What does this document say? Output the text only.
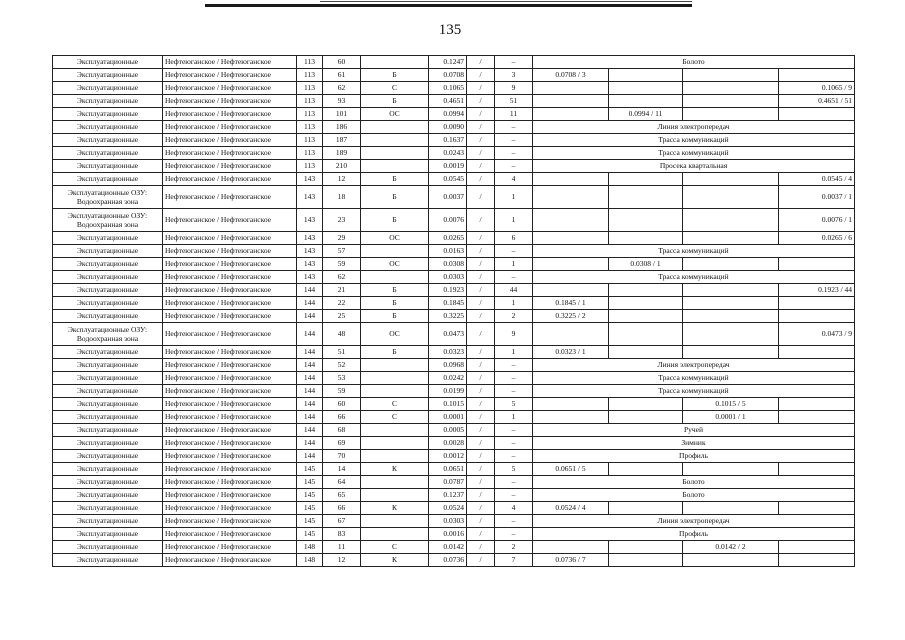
135
Эксплуатационные	Нефтеюганское / Нефтеюганское	113	60		0.1247	/	–	Болото			
Эксплуатационные	Нефтеюганское / Нефтеюганское	113	61	Б	0.0708	/	3	0.0708 / 3			
Эксплуатационные	Нефтеюганское / Нефтеюганское	113	62	С	0.1065	/	9				0.1065 / 9
Эксплуатационные	Нефтеюганское / Нефтеюганское	113	93	Б	0.4651	/	51				0.4651 / 51
Эксплуатационные	Нефтеюганское / Нефтеюганское	113	101	ОС	0.0994	/	11		0.0994 / 11		
Эксплуатационные	Нефтеюганское / Нефтеюганское	113	186		0.0090	/	–	Линия электропередач			
Эксплуатационные	Нефтеюганское / Нефтеюганское	113	187		0.1637	/	–	Трасса коммуникаций			
Эксплуатационные	Нефтеюганское / Нефтеюганское	113	189		0.0243	/	–	Трасса коммуникаций			
Эксплуатационные	Нефтеюганское / Нефтеюганское	113	210		0.0019	/	–	Просека квартальная			
Эксплуатационные	Нефтеюганское / Нефтеюганское	143	12	Б	0.0545	/	4				0.0545 / 4
Эксплуатационные ОЗУ: Водоохранная зона	Нефтеюганское / Нефтеюганское	143	18	Б	0.0037	/	1				0.0037 / 1
Эксплуатационные ОЗУ: Водоохранная зона	Нефтеюганское / Нефтеюганское	143	23	Б	0.0076	/	1				0.0076 / 1
Эксплуатационные	Нефтеюганское / Нефтеюганское	143	29	ОС	0.0265	/	6				0.0265 / 6
Эксплуатационные	Нефтеюганское / Нефтеюганское	143	57		0.0163	/	–	Трасса коммуникаций			
Эксплуатационные	Нефтеюганское / Нефтеюганское	143	59	ОС	0.0308	/	1		0.0308 / 1		
Эксплуатационные	Нефтеюганское / Нефтеюганское	143	62		0.0303	/	–	Трасса коммуникаций			
Эксплуатационные	Нефтеюганское / Нефтеюганское	144	21	Б	0.1923	/	44				0.1923 / 44
Эксплуатационные	Нефтеюганское / Нефтеюганское	144	22	Б	0.1845	/	1	0.1845 / 1			
Эксплуатационные	Нефтеюганское / Нефтеюганское	144	25	Б	0.3225	/	2	0.3225 / 2			
Эксплуатационные ОЗУ: Водоохранная зона	Нефтеюганское / Нефтеюганское	144	48	ОС	0.0473	/	9				0.0473 / 9
Эксплуатационные	Нефтеюганское / Нефтеюганское	144	51	Б	0.0323	/	1	0.0323 / 1			
Эксплуатационные	Нефтеюганское / Нефтеюганское	144	52		0.0968	/	–	Линия электропередач			
Эксплуатационные	Нефтеюганское / Нефтеюганское	144	53		0.0242	/	–	Трасса коммуникаций			
Эксплуатационные	Нефтеюганское / Нефтеюганское	144	59		0.0199	/	–	Трасса коммуникаций			
Эксплуатационные	Нефтеюганское / Нефтеюганское	144	60	С	0.1015	/	5			0.1015 / 5	
Эксплуатационные	Нефтеюганское / Нефтеюганское	144	66	С	0.0001	/	1			0.0001 / 1	
Эксплуатационные	Нефтеюганское / Нефтеюганское	144	68		0.0005	/	–	Ручей			
Эксплуатационные	Нефтеюганское / Нефтеюганское	144	69		0.0028	/	–	Зимник			
Эксплуатационные	Нефтеюганское / Нефтеюганское	144	70		0.0012	/	–	Профиль			
Эксплуатационные	Нефтеюганское / Нефтеюганское	145	14	К	0.0651	/	5	0.0651 / 5			
Эксплуатационные	Нефтеюганское / Нефтеюганское	145	64		0.0787	/	–	Болото			
Эксплуатационные	Нефтеюганское / Нефтеюганское	145	65		0.1237	/	–	Болото			
Эксплуатационные	Нефтеюганское / Нефтеюганское	145	66	К	0.0524	/	4	0.0524 / 4			
Эксплуатационные	Нефтеюганское / Нефтеюганское	145	67		0.0303	/	–	Линия электропередач			
Эксплуатационные	Нефтеюганское / Нефтеюганское	145	83		0.0016	/	–	Профиль			
Эксплуатационные	Нефтеюганское / Нефтеюганское	148	11	С	0.0142	/	2			0.0142 / 2	
Эксплуатационные	Нефтеюганское / Нефтеюганское	148	12	К	0.0736	/	7	0.0736 / 7			
